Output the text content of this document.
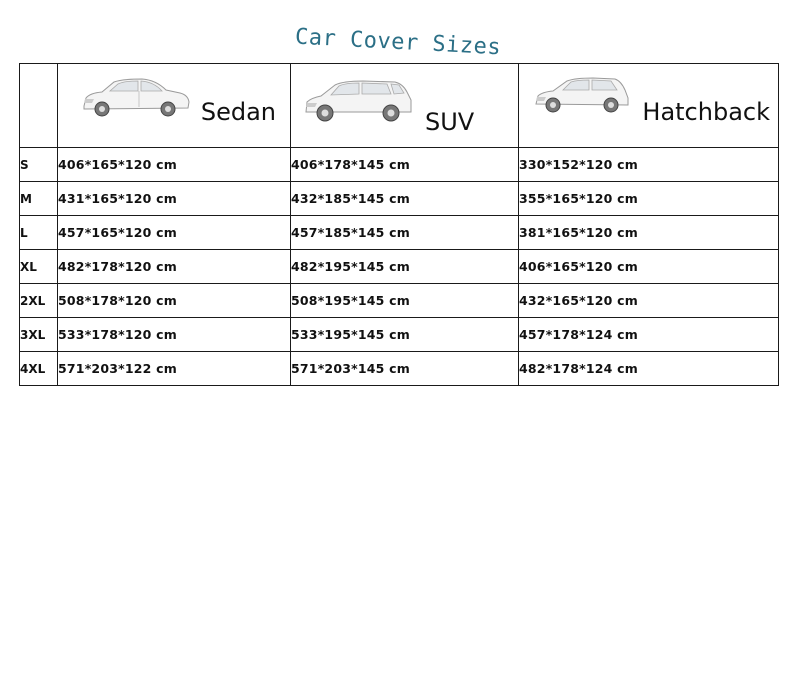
Car Cover Sizes

	Sedan	SUV	Hatchback

S	406*165*120 cm	406*178*145 cm	330*152*120 cm
M	431*165*120 cm	432*185*145 cm	355*165*120 cm
L	457*165*120 cm	457*185*145 cm	381*165*120 cm
XL	482*178*120 cm	482*195*145 cm	406*165*120 cm
2XL	508*178*120 cm	508*195*145 cm	432*165*120 cm
3XL	533*178*120 cm	533*195*145 cm	457*178*124 cm
4XL	571*203*122 cm	571*203*145 cm	482*178*124 cm
